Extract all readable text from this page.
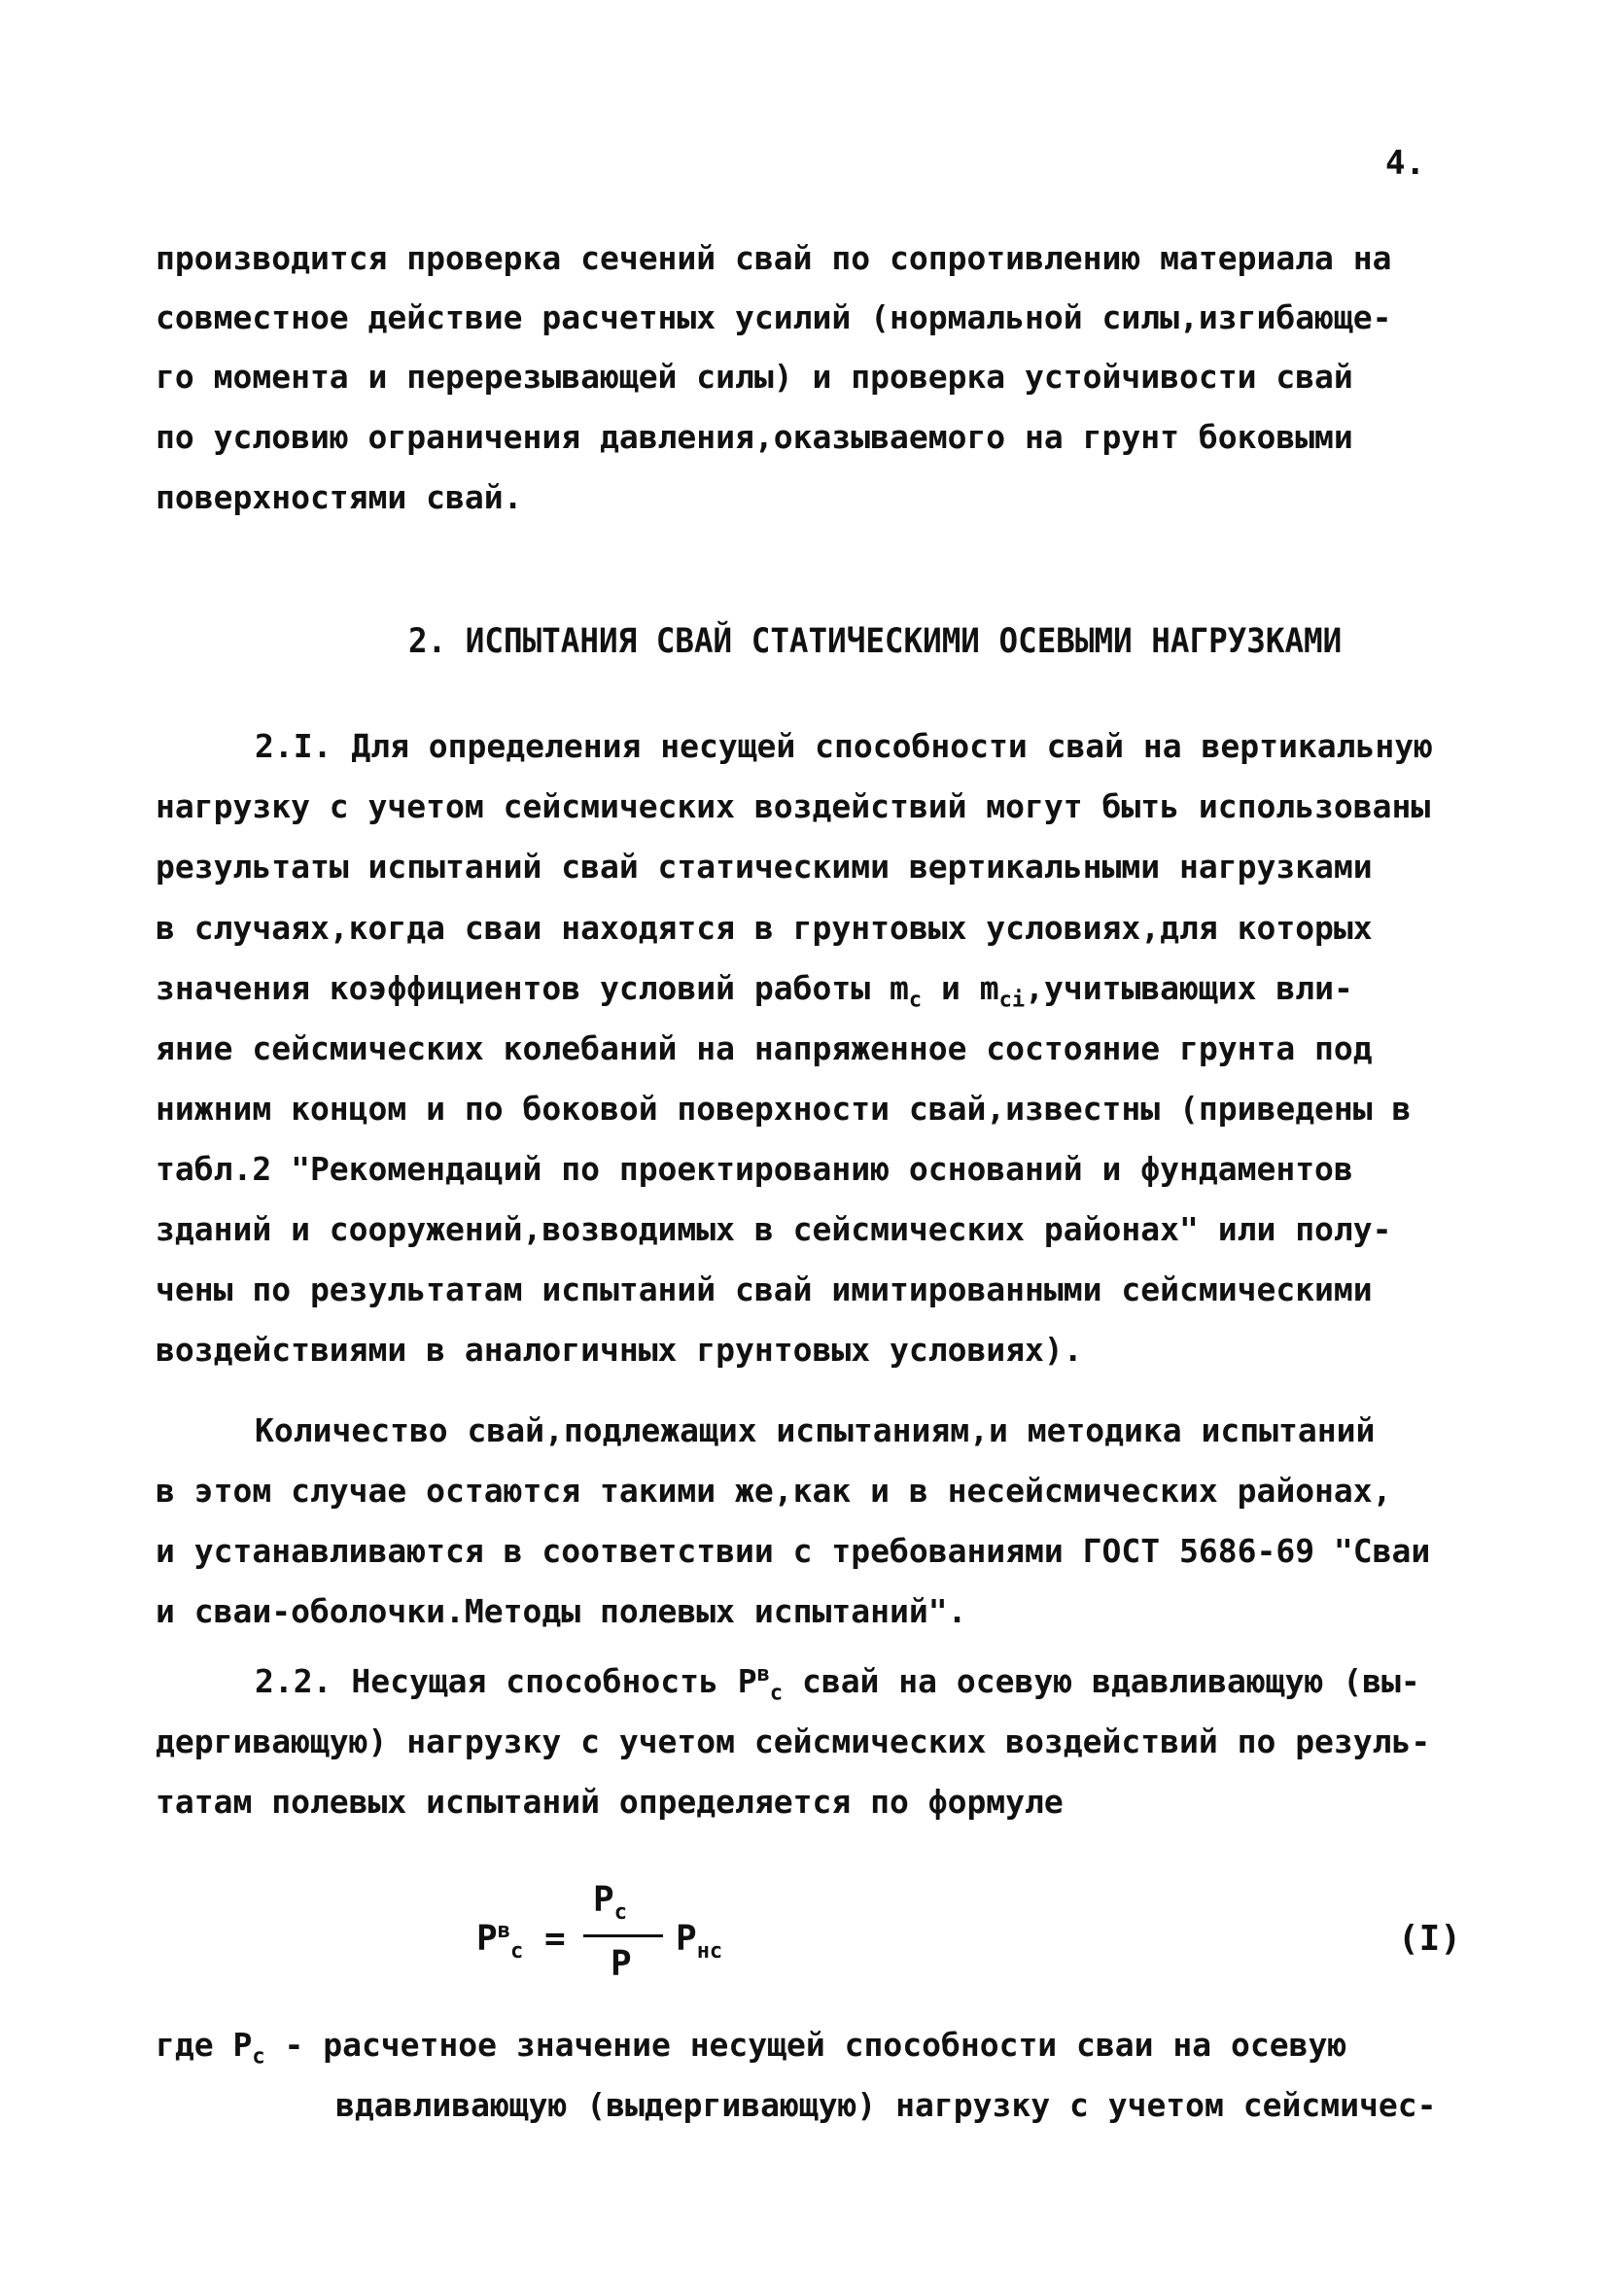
4.
производится проверка сечений свай по сопротивлению материала на
совместное действие расчетных усилий (нормальной силы,изгибающе-
го момента и перерезывающей силы) и проверка устойчивости свай
по условию ограничения давления,оказываемого на грунт боковыми
поверхностями свай.
2. ИСПЫТАНИЯ СВАЙ СТАТИЧЕСКИМИ ОСЕВЫМИ НАГРУЗКАМИ
2.I. Для определения несущей способности свай на вертикальную
нагрузку с учетом сейсмических воздействий могут быть использованы
результаты испытаний свай статическими вертикальными нагрузками
в случаях,когда сваи находятся в грунтовых условиях,для которых
значения коэффициентов условий работы $m_c$ и $m_{ci},учитывающих$ вли-
яние сейсмических колебаний на напряженное состояние грунта под
нижним концом и по боковой поверхности свай,известны (приведены в
табл.2 "Рекомендаций по проектированию оснований и фундаментов
зданий и сооружений,возводимых в сейсмических районах" или полу-
чены по результатам испытаний свай имитированными сейсмическими
воздействиями в аналогичных грунтовых условиях).
Количество свай,подлежащих испытаниям,и методика испытаний
в этом случае остаются такими же,как и в несейсмических районах,
и устанавливаются в соответствии с требованиями ГОСТ 5686-69 "Сваи
и сваи-оболочки.Методы полевых испытаний".
2.2. Несущая способность $P^в_c$ свай на осевую вдавливающую (вы-
дергивающую) нагрузку с учетом сейсмических воздействий по резуль-
татам полевых испытаний определяется по формуле
$P^в_c$ =
$P_c$
P
$P_{нс}$	(I)
где $P_c$ - расчетное значение несущей способности сваи на осевую
вдавливающую (выдергивающую) нагрузку с учетом сейсмичес-
